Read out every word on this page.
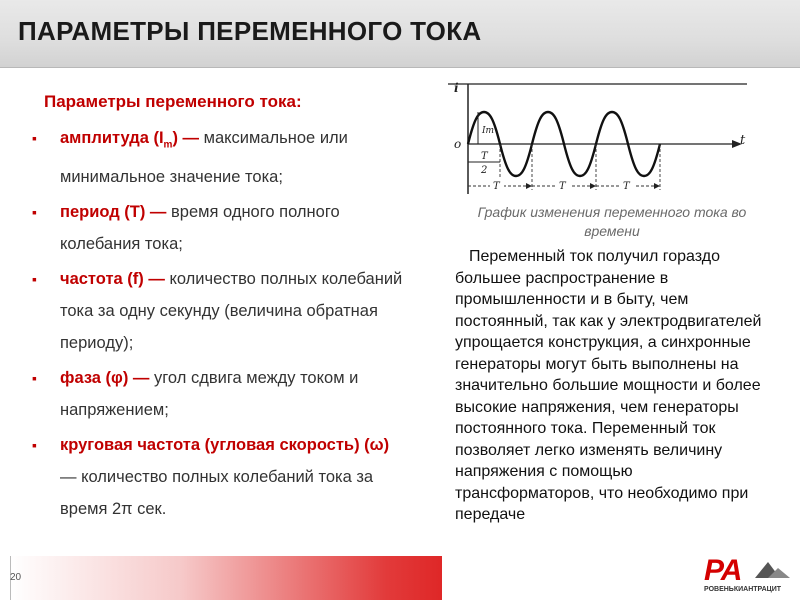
ПАРАМЕТРЫ ПЕРЕМЕННОГО ТОКА
Параметры переменного тока:
▪ амплитуда $(I_m)$ — максимальное или минимальное значение тока;
▪ период (T) — время одного полного колебания тока;
▪ частота (f) — количество полных колебаний тока за одну секунду (величина обратная периоду);
▪ фаза (φ) — угол сдвига между током и напряжением;
▪ круговая частота (угловая скорость) (ω) — количество полных колебаний тока за время 2π сек.
i
t
o
Im
T
2
T	T	T
График изменения переменного тока во времени
Переменный ток получил гораздо большее распространение в промышленности и в быту, чем постоянный, так как у электродвигателей упрощается конструкция, а синхронные генераторы могут быть выполнены на значительно большие мощности и более высокие напряжения, чем генераторы постоянного тока. Переменный ток позволяет легко изменять величину напряжения с помощью трансформаторов, что необходимо при передаче
20	PA
РОВЕНЬКИАНТРАЦИТ
